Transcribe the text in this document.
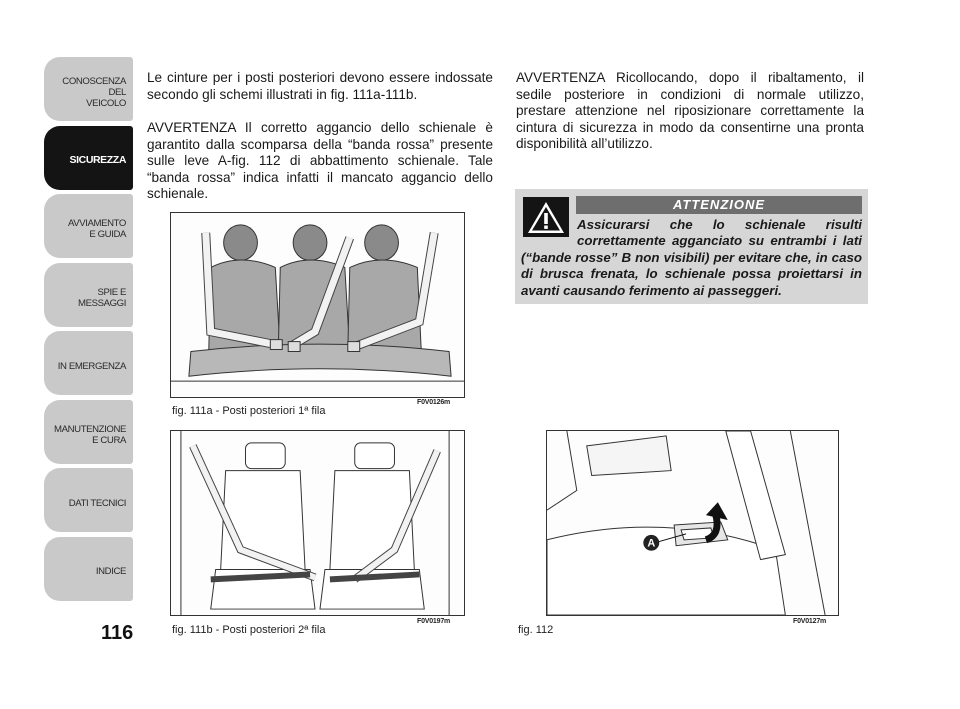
CONOSCENZA
DEL
VEICOLO
SICUREZZA
AVVIAMENTO
E GUIDA
SPIE E
MESSAGGI
IN EMERGENZA
MANUTENZIONE
E CURA
DATI TECNICI
INDICE
116

Le cinture per i posti posteriori devono essere indossate secondo gli schemi illustrati in fig. 111a-111b.

AVVERTENZA Il corretto aggancio dello schienale è garantito dalla scomparsa della “banda rossa” presente sulle leve A-fig. 112 di abbattimento schienale. Tale “banda rossa” indica infatti il mancato aggancio dello schienale.

AVVERTENZA Ricollocando, dopo il ribaltamento, il sedile posteriore in condizioni di normale utilizzo, prestare attenzione nel riposizionare correttamente la cintura di sicurezza in modo da consentirne una pronta disponibilità all’utilizzo.

ATTENZIONE

Assicurarsi che lo schienale risulti correttamente agganciato su entrambi i lati (“bande rosse” B non visibili) per evitare che, in caso di brusca frenata, lo schienale possa proiettarsi in avanti causando ferimento ai passeggeri.

F0V0126m
fig. 111a - Posti posteriori 1ª fila
F0V0197m
fig. 111b - Posti posteriori 2ª fila
A
F0V0127m
fig. 112
